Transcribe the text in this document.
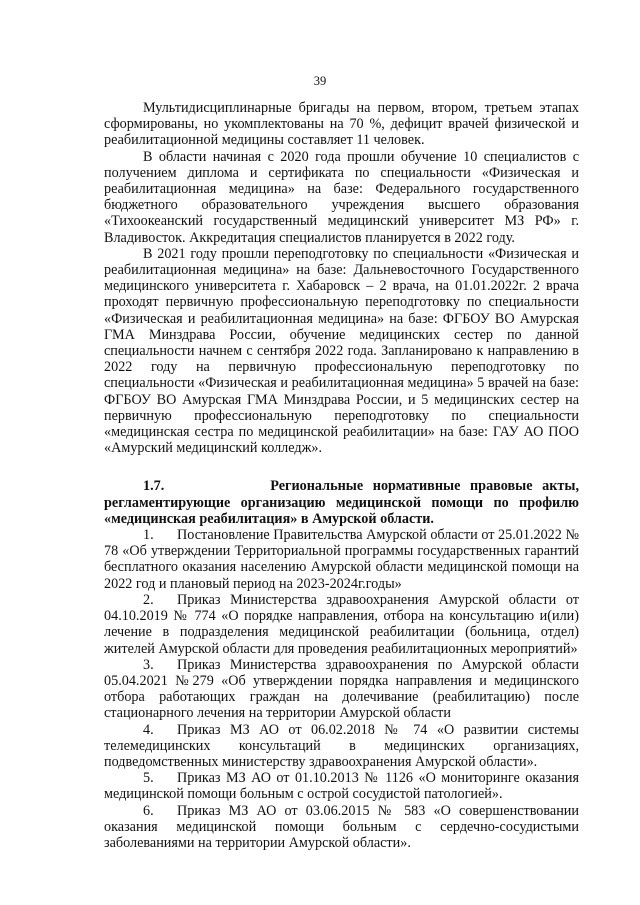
39

Мультидисциплинарные бригады на первом, втором, третьем этапах сформированы, но укомплектованы на 70 %, дефицит врачей физической и реабилитационной медицины составляет 11 человек.

В области начиная с 2020 года прошли обучение 10 специалистов с получением диплома и сертификата по специальности «Физическая и реабилитационная медицина» на базе: Федерального государственного бюджетного образовательного учреждения высшего образования «Тихоокеанский государственный медицинский университет МЗ РФ» г. Владивосток. Аккредитация специалистов планируется в 2022 году.

В 2021 году прошли переподготовку по специальности «Физическая и реабилитационная медицина» на базе: Дальневосточного Государственного медицинского университета г. Хабаровск – 2 врача, на 01.01.2022г. 2 врача проходят первичную профессиональную переподготовку по специальности «Физическая и реабилитационная медицина» на базе: ФГБОУ ВО Амурская ГМА Минздрава России, обучение медицинских сестер по данной специальности начнем с сентября 2022 года. Запланировано к направлению в 2022 году на первичную профессиональную переподготовку по специальности «Физическая и реабилитационная медицина» 5 врачей на базе: ФГБОУ ВО Амурская ГМА Минздрава России, и 5 медицинских сестер на первичную профессиональную переподготовку по специальности «медицинская сестра по медицинской реабилитации» на базе: ГАУ АО ПОО «Амурский медицинский колледж».

1.7.           Региональные нормативные правовые акты, регламентирующие организацию медицинской помощи по профилю «медицинская реабилитация» в Амурской области.

1. Постановление Правительства Амурской области от 25.01.2022 № 78 «Об утверждении Территориальной программы государственных гарантий бесплатного оказания населению Амурской области медицинской помощи на 2022 год и плановый период на 2023-2024г.годы»

2. Приказ Министерства здравоохранения Амурской области от 04.10.2019 № 774 «О порядке направления, отбора на консультацию и(или) лечение в подразделения медицинской реабилитации (больница, отдел) жителей Амурской области для проведения реабилитационных мероприятий»

3. Приказ Министерства здравоохранения по Амурской области 05.04.2021 №279 «Об утверждении порядка направления и медицинского отбора работающих граждан на долечивание (реабилитацию) после стационарного лечения на территории Амурской области

4. Приказ МЗ АО от 06.02.2018 № 74 «О развитии системы телемедицинских консультаций в медицинских организациях, подведомственных министерству здравоохранения Амурской области».

5. Приказ МЗ АО от 01.10.2013 № 1126 «О мониторинге оказания медицинской помощи больным с острой сосудистой патологией».

6. Приказ МЗ АО от 03.06.2015 № 583 «О совершенствовании оказания медицинской помощи больным с сердечно-сосудистыми заболеваниями на территории Амурской области».
